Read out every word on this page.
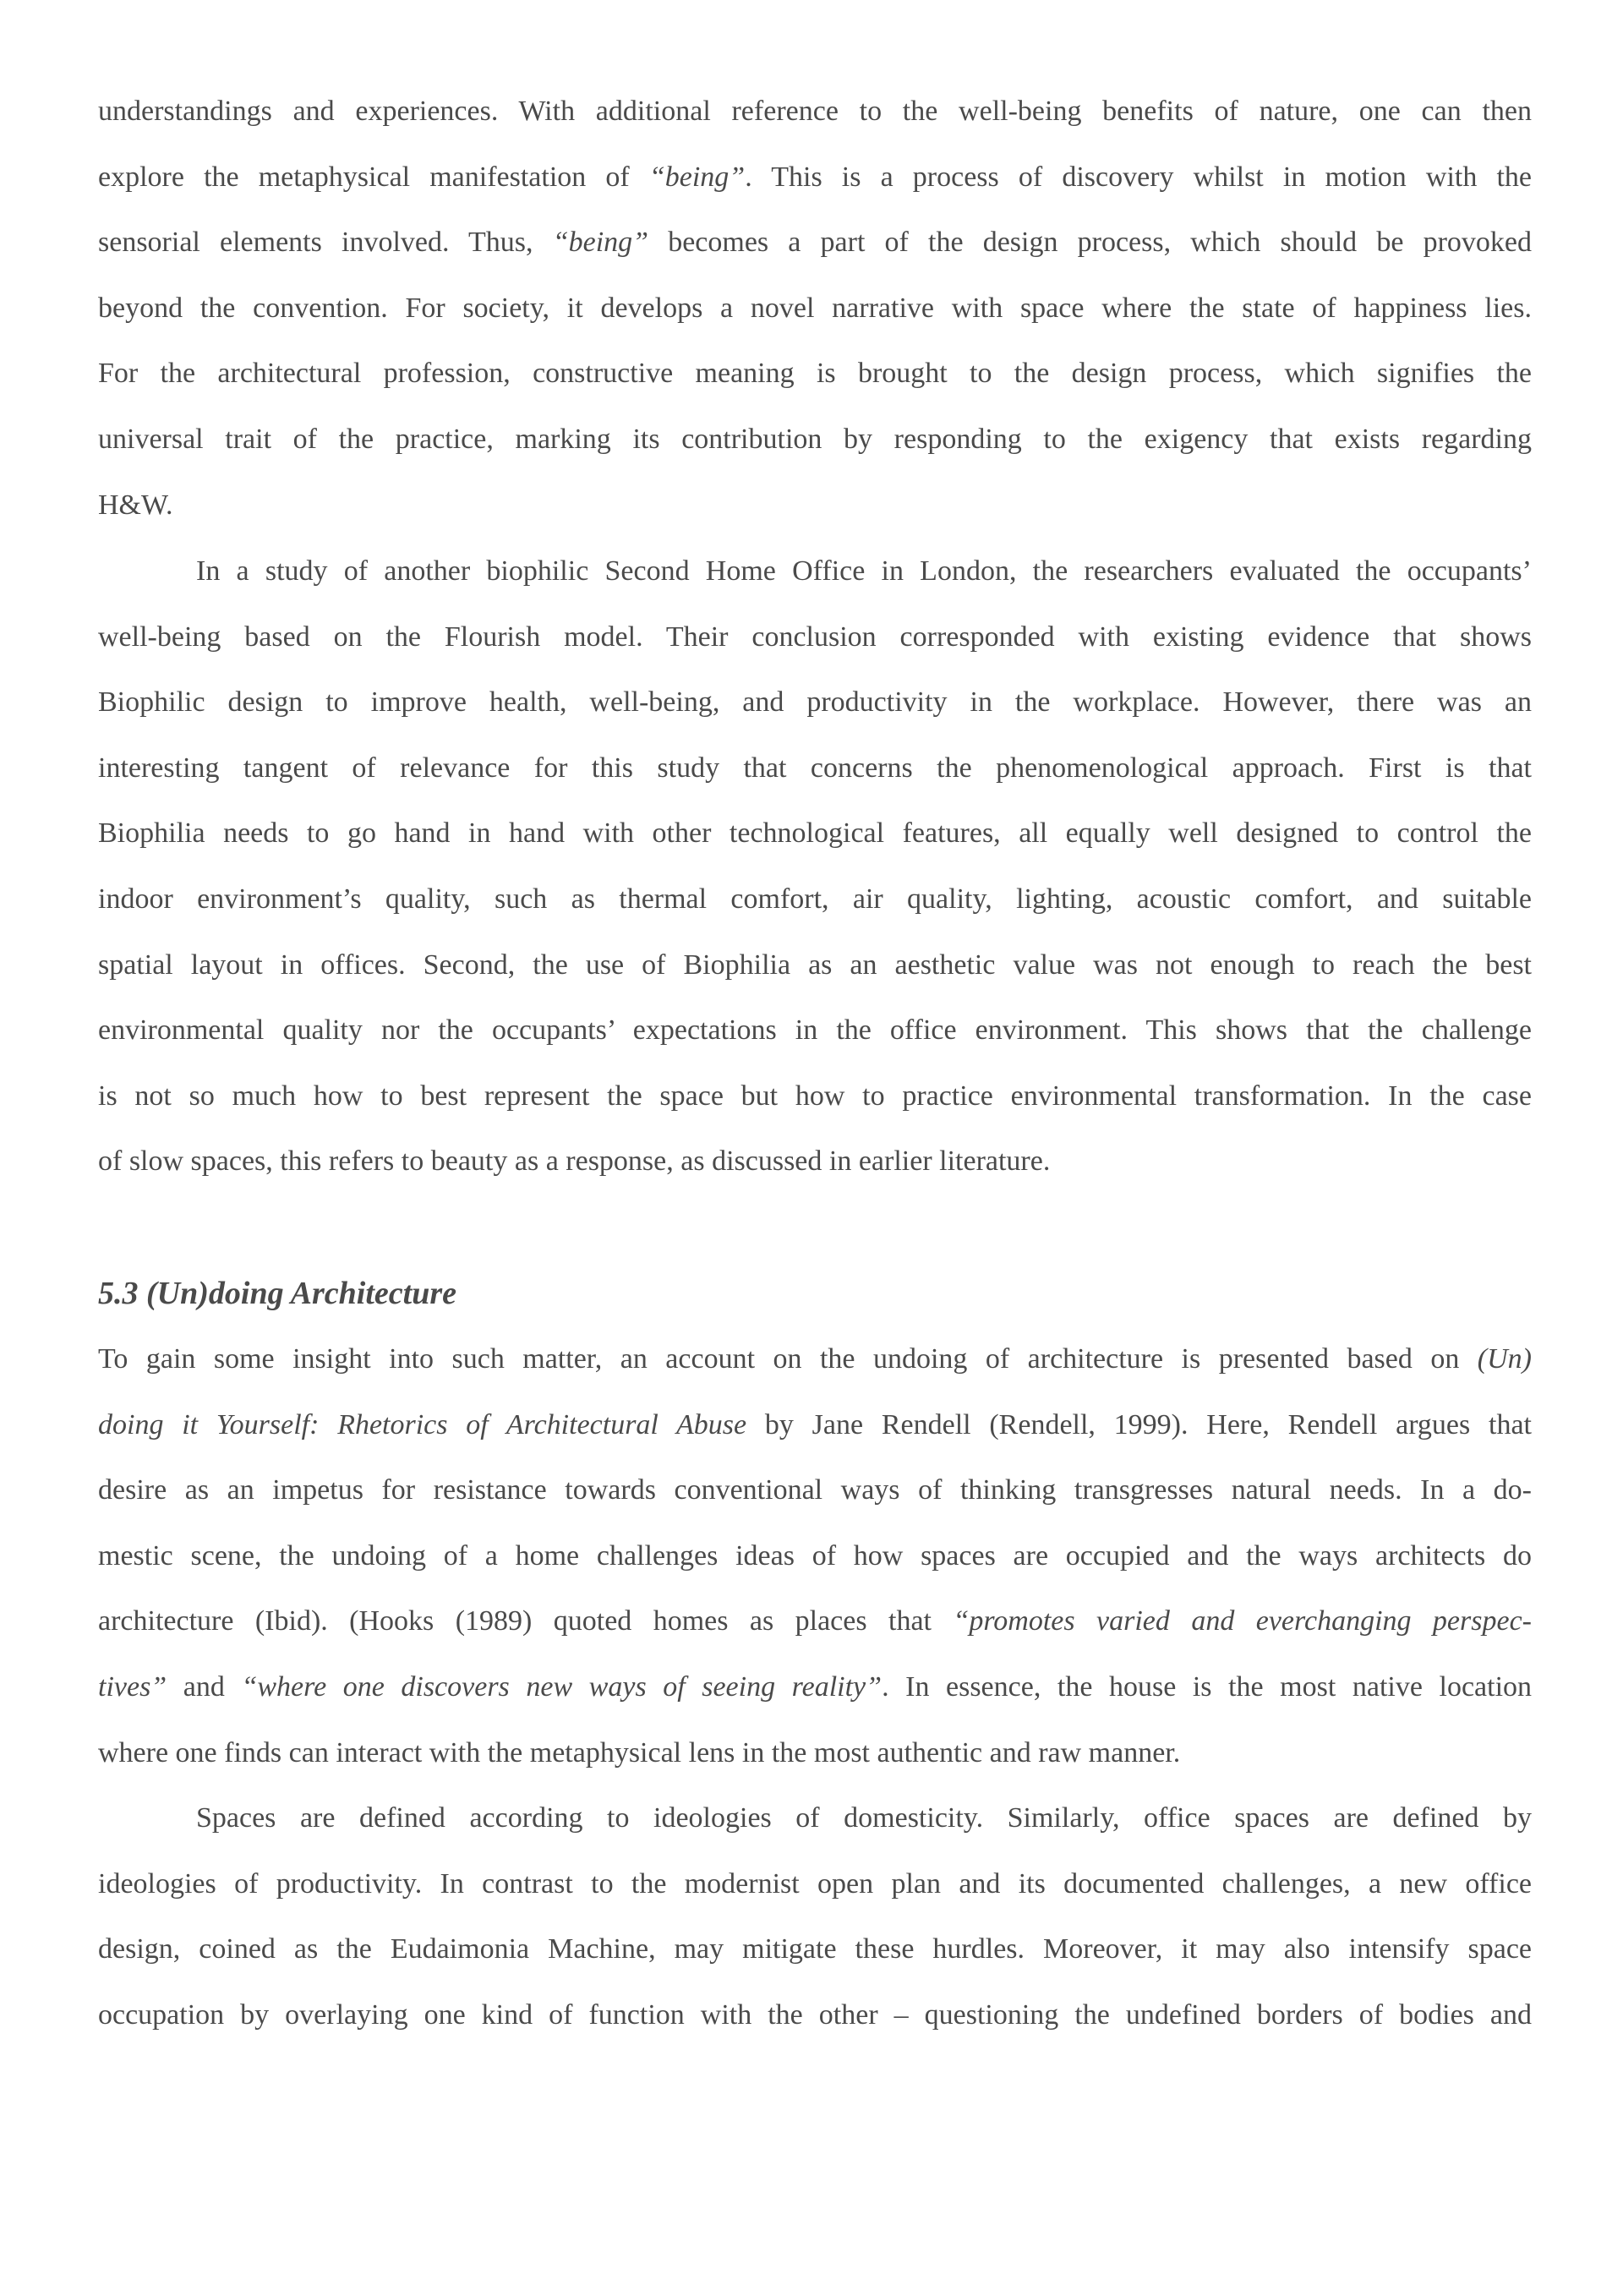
understandings and experiences. With additional reference to the well-being benefits of nature, one can then
explore the metaphysical manifestation of “being”. This is a process of discovery whilst in motion with the
sensorial elements involved. Thus, “being” becomes a part of the design process, which should be provoked
beyond the convention. For society, it develops a novel narrative with space where the state of happiness lies.
For the architectural profession, constructive meaning is brought to the design process, which signifies the
universal trait of the practice, marking its contribution by responding to the exigency that exists regarding
H&W.
In a study of another biophilic Second Home Office in London, the researchers evaluated the occupants’
well-being based on the Flourish model. Their conclusion corresponded with existing evidence that shows
Biophilic design to improve health, well-being, and productivity in the workplace. However, there was an
interesting tangent of relevance for this study that concerns the phenomenological approach. First is that
Biophilia needs to go hand in hand with other technological features, all equally well designed to control the
indoor environment’s quality, such as thermal comfort, air quality, lighting, acoustic comfort, and suitable
spatial layout in offices. Second, the use of Biophilia as an aesthetic value was not enough to reach the best
environmental quality nor the occupants’ expectations in the office environment. This shows that the challenge
is not so much how to best represent the space but how to practice environmental transformation. In the case
of slow spaces, this refers to beauty as a response, as discussed in earlier literature.
5.3 (Un)doing Architecture
To gain some insight into such matter, an account on the undoing of architecture is presented based on (Un)
doing it Yourself: Rhetorics of Architectural Abuse by Jane Rendell (Rendell, 1999). Here, Rendell argues that
desire as an impetus for resistance towards conventional ways of thinking transgresses natural needs. In a do-
mestic scene, the undoing of a home challenges ideas of how spaces are occupied and the ways architects do
architecture (Ibid). (Hooks (1989) quoted homes as places that “promotes varied and everchanging perspec-
tives” and “where one discovers new ways of seeing reality”. In essence, the house is the most native location
where one finds can interact with the metaphysical lens in the most authentic and raw manner.
Spaces are defined according to ideologies of domesticity. Similarly, office spaces are defined by
ideologies of productivity. In contrast to the modernist open plan and its documented challenges, a new office
design, coined as the Eudaimonia Machine, may mitigate these hurdles. Moreover, it may also intensify space
occupation by overlaying one kind of function with the other – questioning the undefined borders of bodies and
